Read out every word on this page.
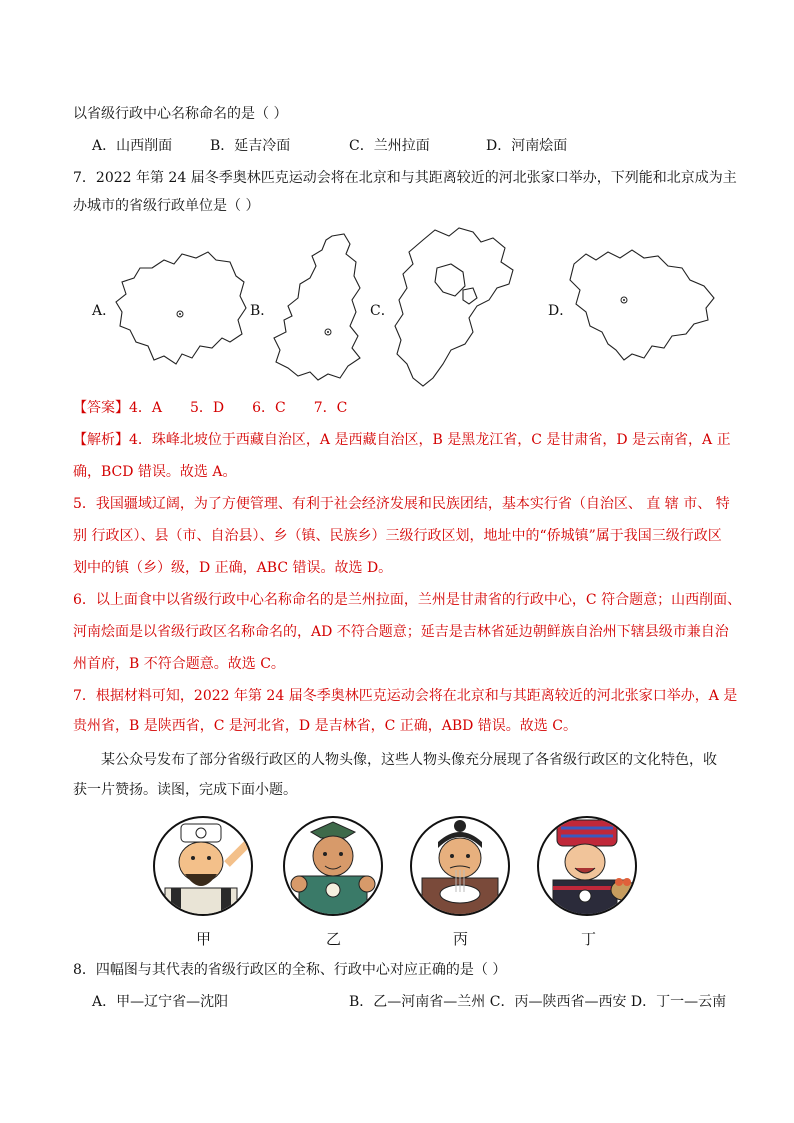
以省级行政中心名称命名的是（ ）
A．山西削面	B．延吉冷面	C．兰州拉面	D．河南烩面
7．2022 年第 24 届冬季奥林匹克运动会将在北京和与其距离较近的河北张家口举办，下列能和北京成为主
办城市的省级行政单位是（ ）
A．	B．	C．	D．
【答案】4．A　　5．D　　6．C　　7．C
【解析】4．珠峰北坡位于西藏自治区，A 是西藏自治区，B 是黑龙江省，C 是甘肃省，D 是云南省，A 正
确，BCD 错误。故选 A。
5．我国疆域辽阔，为了方便管理、有利于社会经济发展和民族团结，基本实行省（自治区、 直 辖 市、 特
别 行政区）、县（市、自治县）、乡（镇、民族乡）三级行政区划，地址中的“侨城镇”属于我国三级行政区
划中的镇（乡）级，D 正确，ABC 错误。故选 D。
6．以上面食中以省级行政中心名称命名的是兰州拉面，兰州是甘肃省的行政中心，C 符合题意；山西削面、
河南烩面是以省级行政区名称命名的，AD 不符合题意；延吉是吉林省延边朝鲜族自治州下辖县级市兼自治
州首府，B 不符合题意。故选 C。
7．根据材料可知，2022 年第 24 届冬季奥林匹克运动会将在北京和与其距离较近的河北张家口举办，A 是
贵州省，B 是陕西省，C 是河北省，D 是吉林省，C 正确，ABD 错误。故选 C。
某公众号发布了部分省级行政区的人物头像，这些人物头像充分展现了各省级行政区的文化特色，收
获一片赞扬。读图，完成下面小题。
甲	乙	丙	丁
8．四幅图与其代表的省级行政区的全称、行政中心对应正确的是（ ）
A．甲—辽宁省—沈阳	B．乙—河南省—兰州 C．丙—陕西省—西安 D．丁一—云南
